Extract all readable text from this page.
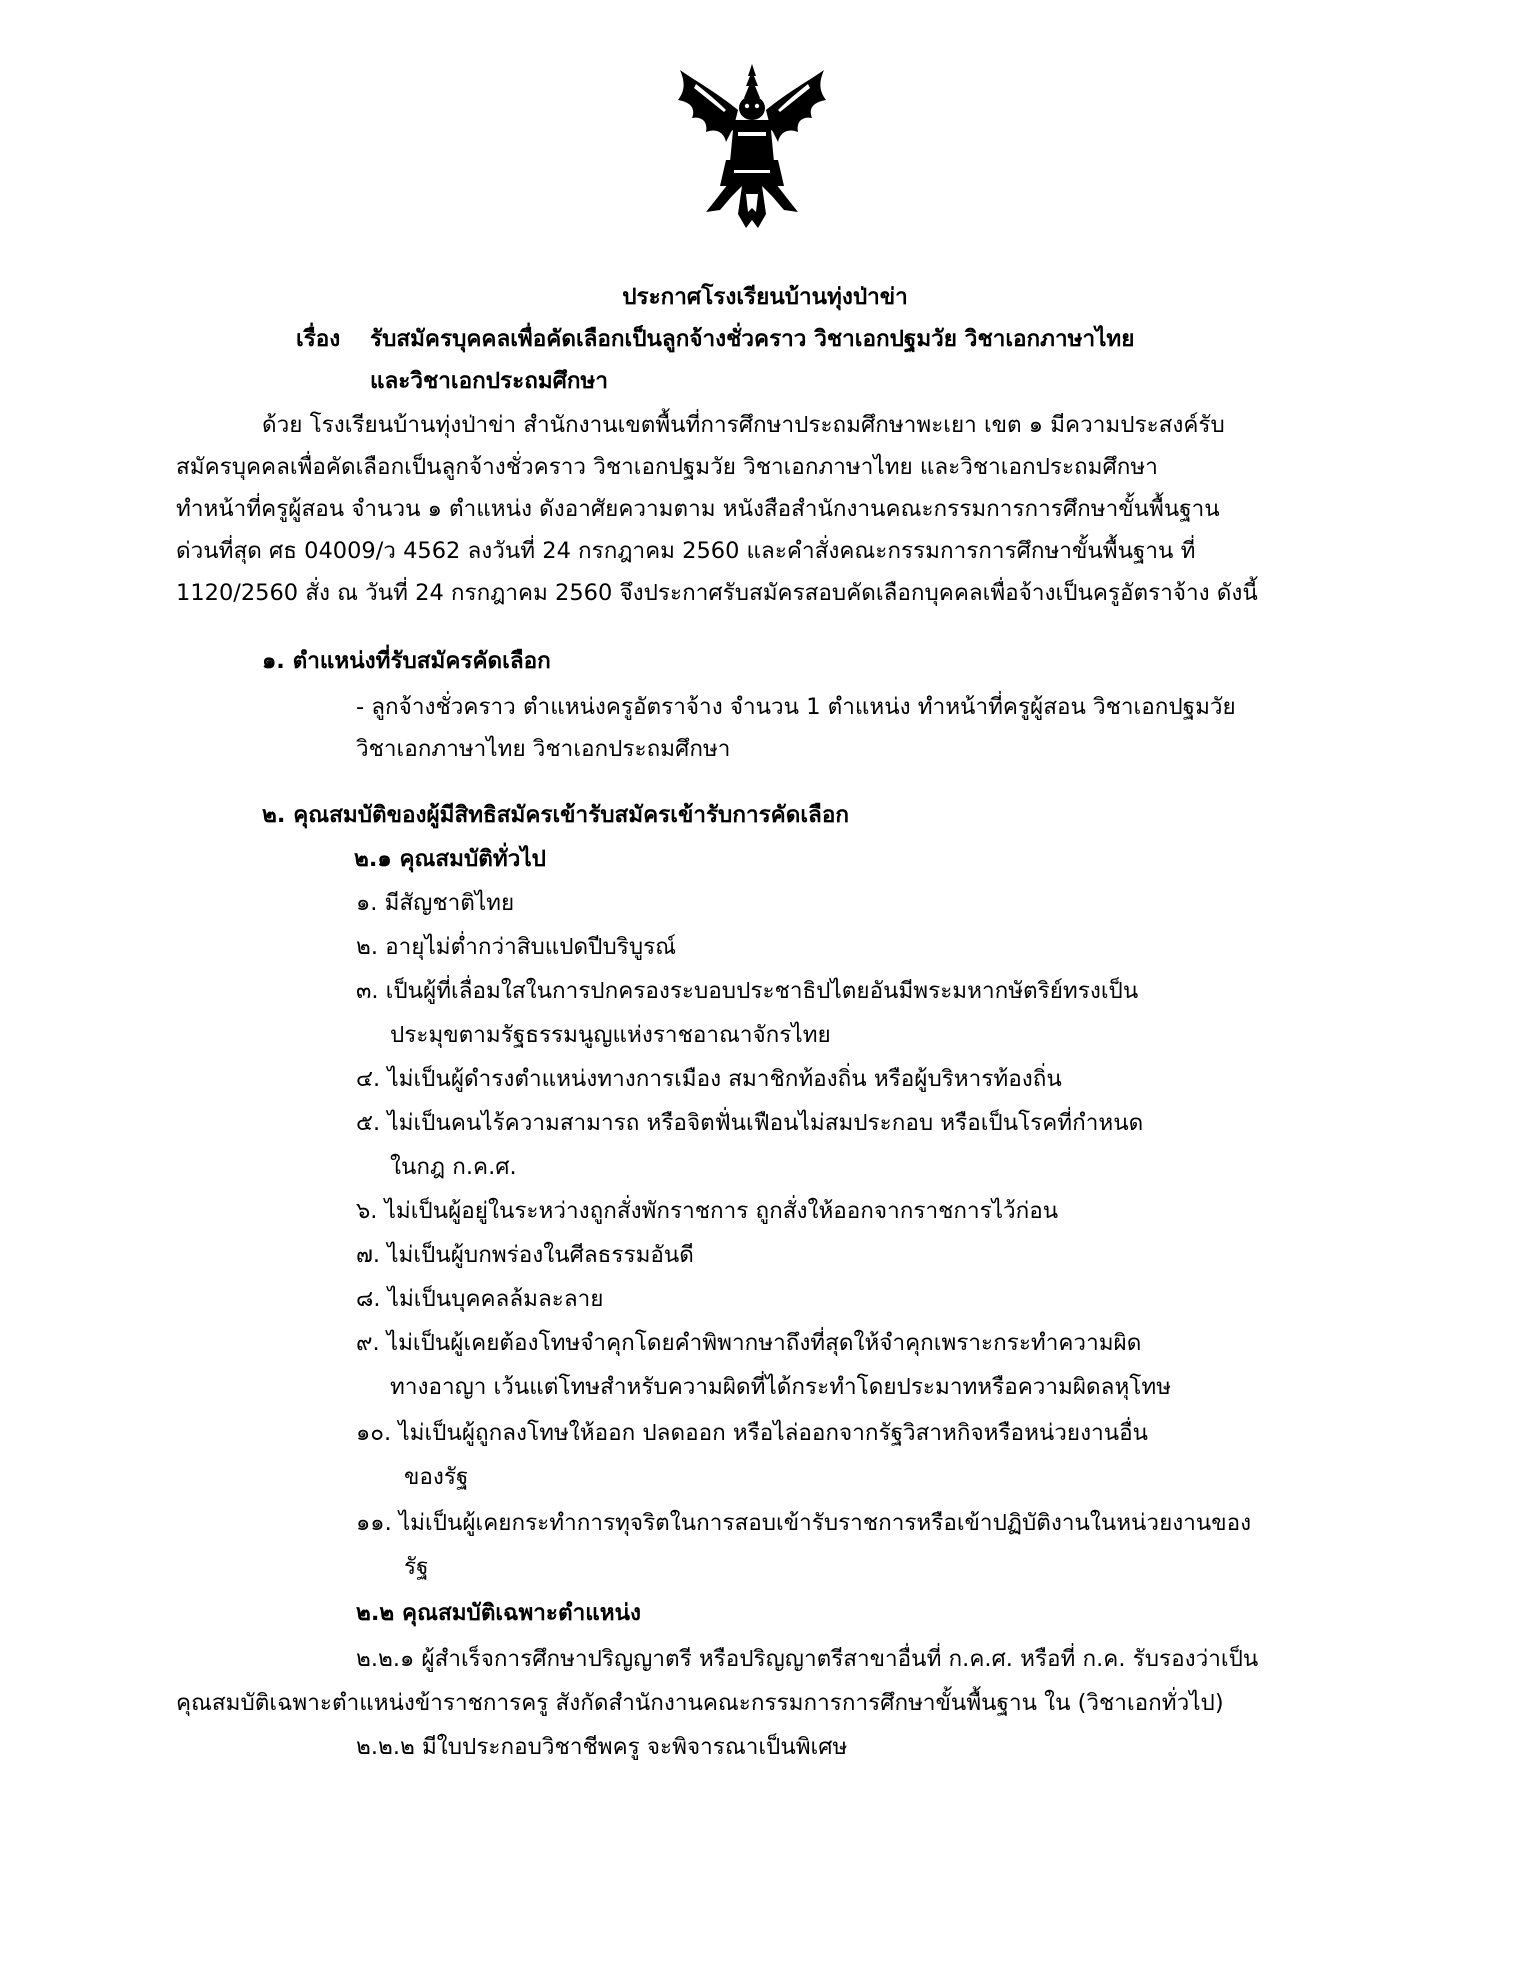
ประกาศโรงเรียนบ้านทุ่งป่าข่า
เรื่อง รับสมัครบุคคลเพื่อคัดเลือกเป็นลูกจ้างชั่วคราว วิชาเอกปฐมวัย วิชาเอกภาษาไทย
และวิชาเอกประถมศึกษา
ด้วย โรงเรียนบ้านทุ่งป่าข่า สำนักงานเขตพื้นที่การศึกษาประถมศึกษาพะเยา เขต ๑ มีความประสงค์รับ
สมัครบุคคลเพื่อคัดเลือกเป็นลูกจ้างชั่วคราว วิชาเอกปฐมวัย วิชาเอกภาษาไทย และวิชาเอกประถมศึกษา
ทำหน้าที่ครูผู้สอน จำนวน ๑ ตำแหน่ง ดังอาศัยความตาม หนังสือสำนักงานคณะกรรมการการศึกษาขั้นพื้นฐาน
ด่วนที่สุด ศธ 04009/ว 4562 ลงวันที่ 24 กรกฎาคม 2560 และคำสั่งคณะกรรมการการศึกษาขั้นพื้นฐาน ที่
1120/2560 สั่ง ณ วันที่ 24 กรกฎาคม 2560 จึงประกาศรับสมัครสอบคัดเลือกบุคคลเพื่อจ้างเป็นครูอัตราจ้าง ดังนี้
๑. ตำแหน่งที่รับสมัครคัดเลือก
- ลูกจ้างชั่วคราว ตำแหน่งครูอัตราจ้าง จำนวน 1 ตำแหน่ง ทำหน้าที่ครูผู้สอน วิชาเอกปฐมวัย
วิชาเอกภาษาไทย วิชาเอกประถมศึกษา
๒. คุณสมบัติของผู้มีสิทธิสมัครเข้ารับสมัครเข้ารับการคัดเลือก
๒.๑ คุณสมบัติทั่วไป
๑. มีสัญชาติไทย
๒. อายุไม่ต่ำกว่าสิบแปดปีบริบูรณ์
๓. เป็นผู้ที่เลื่อมใสในการปกครองระบอบประชาธิปไตยอันมีพระมหากษัตริย์ทรงเป็น
ประมุขตามรัฐธรรมนูญแห่งราชอาณาจักรไทย
๔. ไม่เป็นผู้ดำรงตำแหน่งทางการเมือง สมาชิกท้องถิ่น หรือผู้บริหารท้องถิ่น
๕. ไม่เป็นคนไร้ความสามารถ หรือจิตฟั่นเฟือนไม่สมประกอบ หรือเป็นโรคที่กำหนด
ในกฎ ก.ค.ศ.
๖. ไม่เป็นผู้อยู่ในระหว่างถูกสั่งพักราชการ ถูกสั่งให้ออกจากราชการไว้ก่อน
๗. ไม่เป็นผู้บกพร่องในศีลธรรมอันดี
๘. ไม่เป็นบุคคลล้มละลาย
๙. ไม่เป็นผู้เคยต้องโทษจำคุกโดยคำพิพากษาถึงที่สุดให้จำคุกเพราะกระทำความผิด
ทางอาญา เว้นแต่โทษสำหรับความผิดที่ได้กระทำโดยประมาทหรือความผิดลหุโทษ
๑๐. ไม่เป็นผู้ถูกลงโทษให้ออก ปลดออก หรือไล่ออกจากรัฐวิสาหกิจหรือหน่วยงานอื่น
ของรัฐ
๑๑. ไม่เป็นผู้เคยกระทำการทุจริตในการสอบเข้ารับราชการหรือเข้าปฏิบัติงานในหน่วยงานของ
รัฐ
๒.๒ คุณสมบัติเฉพาะตำแหน่ง
๒.๒.๑ ผู้สำเร็จการศึกษาปริญญาตรี หรือปริญญาตรีสาขาอื่นที่ ก.ค.ศ. หรือที่ ก.ค. รับรองว่าเป็น
คุณสมบัติเฉพาะตำแหน่งข้าราชการครู สังกัดสำนักงานคณะกรรมการการศึกษาขั้นพื้นฐาน ใน (วิชาเอกทั่วไป)
๒.๒.๒ มีใบประกอบวิชาชีพครู จะพิจารณาเป็นพิเศษ
